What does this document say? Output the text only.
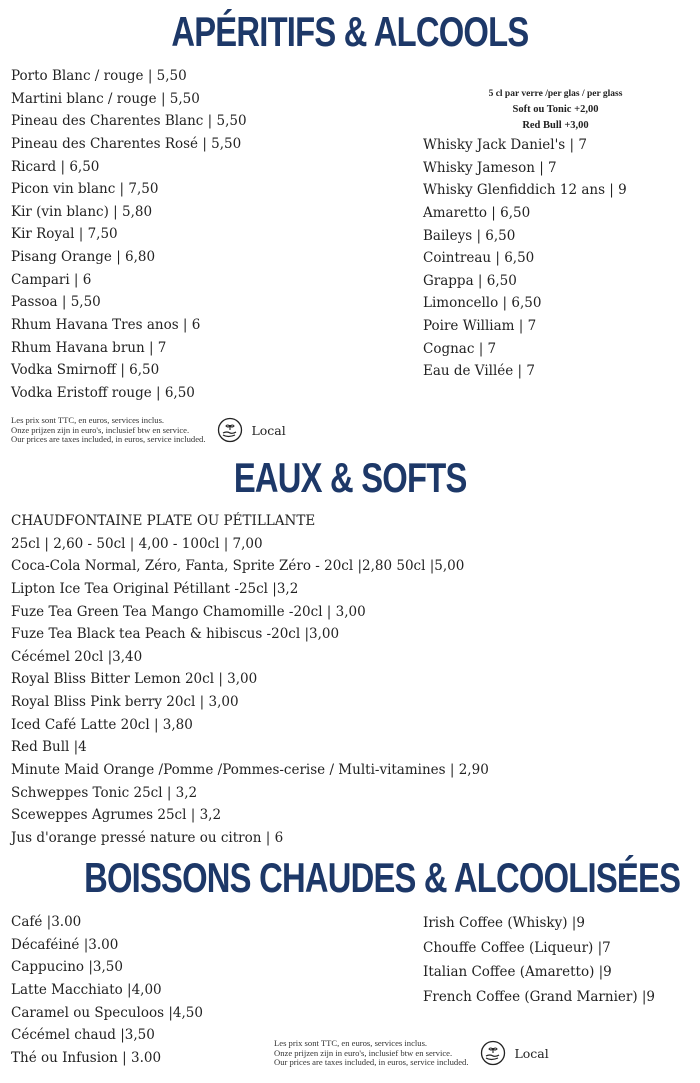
APÉRITIFS & ALCOOLS
Porto Blanc / rouge | 5,50
Martini blanc / rouge | 5,50
Pineau des Charentes Blanc | 5,50
Pineau des Charentes Rosé | 5,50
Ricard | 6,50
Picon vin blanc | 7,50
Kir (vin blanc) | 5,80
Kir Royal | 7,50
Pisang Orange | 6,80
Campari | 6
Passoa | 5,50
Rhum Havana Tres anos | 6
Rhum Havana brun | 7
Vodka Smirnoff | 6,50
Vodka Eristoff rouge | 6,50
5 cl par verre /per glas / per glass
Soft ou Tonic +2,00
Red Bull +3,00
Whisky Jack Daniel's | 7
Whisky Jameson | 7
Whisky Glenfiddich 12 ans | 9
Amaretto | 6,50
Baileys | 6,50
Cointreau | 6,50
Grappa | 6,50
Limoncello | 6,50
Poire William | 7
Cognac | 7
Eau de Villée | 7
Les prix sont TTC, en euros, services inclus.
Onze prijzen zijn in euro's, inclusief btw en service.
Our prices are taxes included, in euros, service included.
Local
EAUX & SOFTS
CHAUDFONTAINE PLATE OU PÉTILLANTE
25cl | 2,60 - 50cl | 4,00 - 100cl | 7,00
Coca-Cola Normal, Zéro, Fanta, Sprite Zéro - 20cl |2,80 50cl |5,00
Lipton Ice Tea Original Pétillant -25cl |3,2
Fuze Tea Green Tea Mango Chamomille -20cl | 3,00
Fuze Tea Black tea Peach & hibiscus -20cl |3,00
Cécémel 20cl |3,40
Royal Bliss Bitter Lemon 20cl | 3,00
Royal Bliss Pink berry 20cl | 3,00
Iced Café Latte 20cl | 3,80
Red Bull |4
Minute Maid Orange /Pomme /Pommes-cerise / Multi-vitamines | 2,90
Schweppes Tonic 25cl | 3,2
Sceweppes Agrumes 25cl | 3,2
Jus d'orange pressé nature ou citron | 6
BOISSONS CHAUDES & ALCOOLISÉES
Café |3.00
Décaféiné |3.00
Cappucino |3,50
Latte Macchiato |4,00
Caramel ou Speculoos |4,50
Cécémel chaud |3,50
Thé ou Infusion | 3.00
Irish Coffee (Whisky) |9
Chouffe Coffee (Liqueur) |7
Italian Coffee (Amaretto) |9
French Coffee (Grand Marnier) |9
Les prix sont TTC, en euros, services inclus.
Onze prijzen zijn in euro's, inclusief btw en service.
Our prices are taxes included, in euros, service included.
Local
